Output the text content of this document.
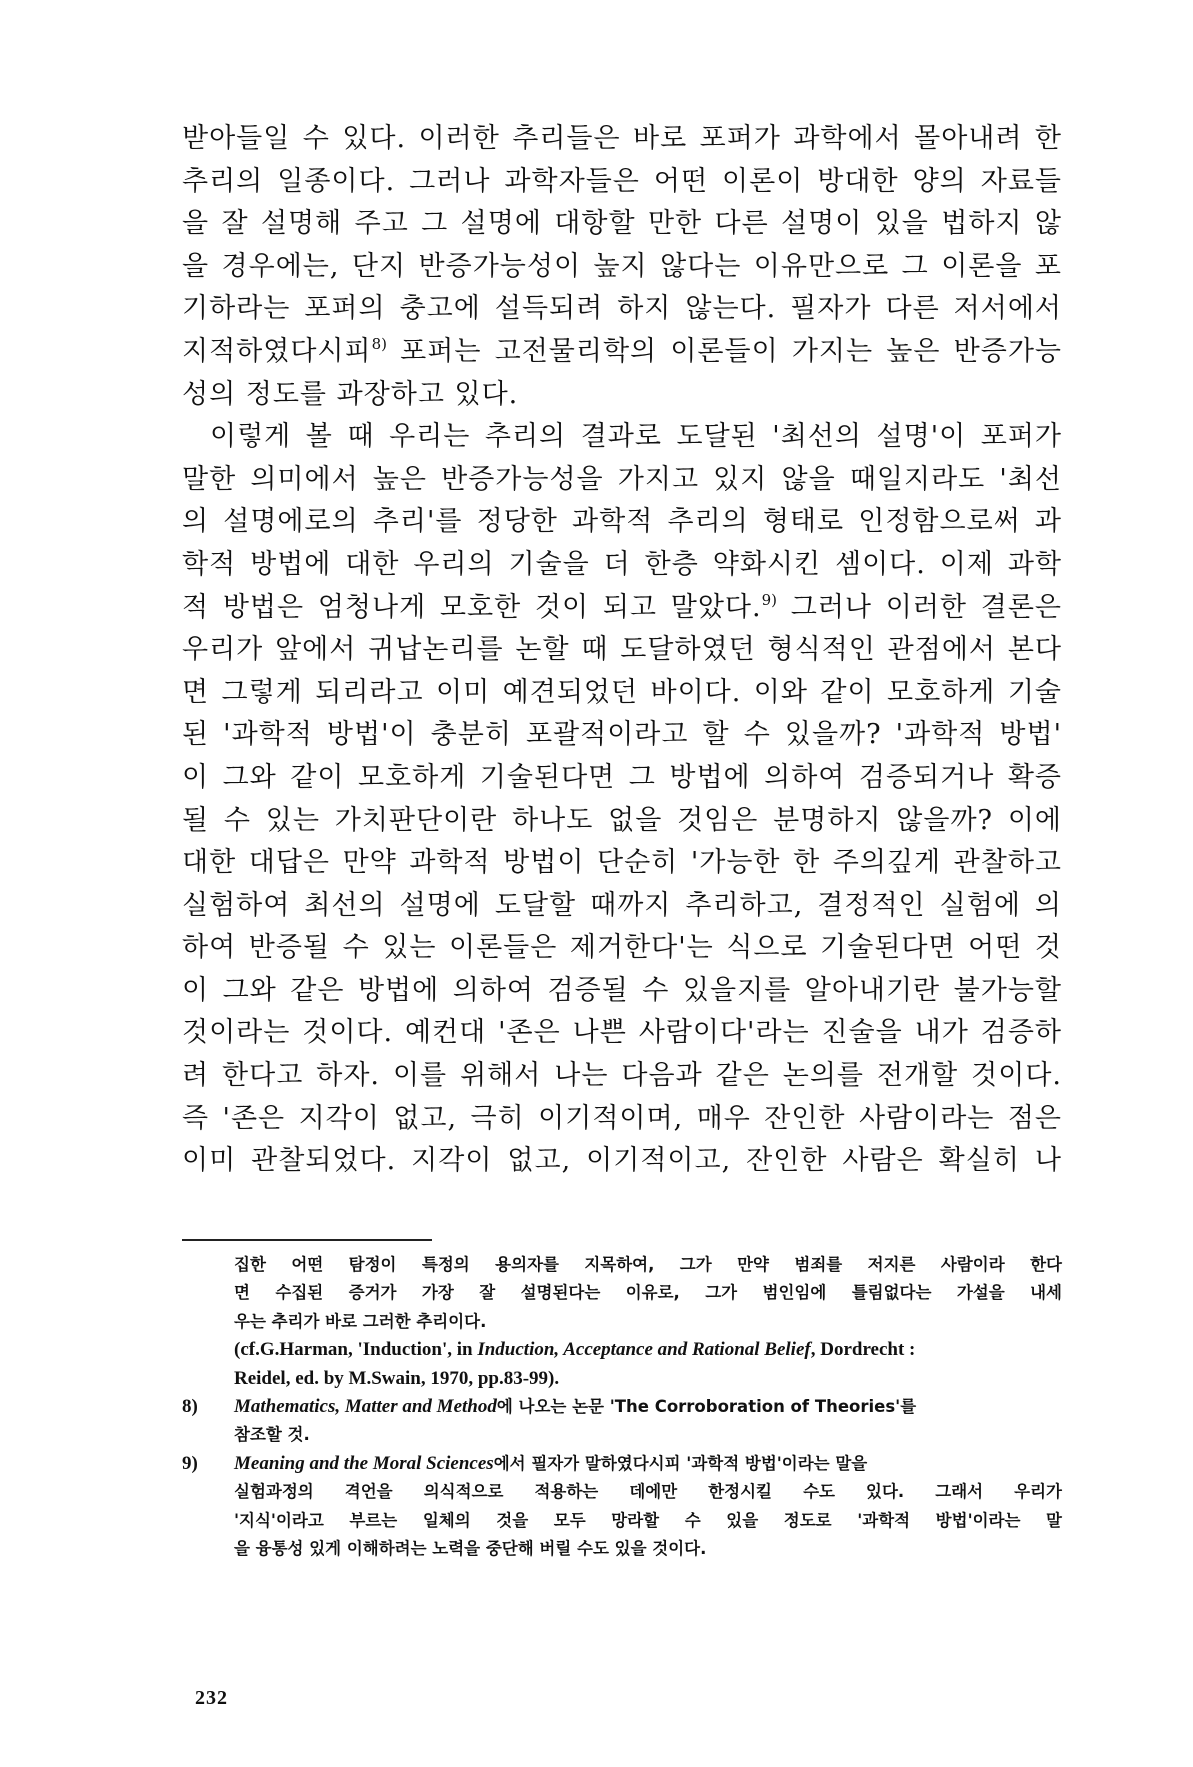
받아들일 수 있다. 이러한 추리들은 바로 포퍼가 과학에서 몰아내려 한

추리의 일종이다. 그러나 과학자들은 어떤 이론이 방대한 양의 자료들

을 잘 설명해 주고 그 설명에 대항할 만한 다른 설명이 있을 법하지 않

을 경우에는, 단지 반증가능성이 높지 않다는 이유만으로 그 이론을 포

기하라는 포퍼의 충고에 설득되려 하지 않는다. 필자가 다른 저서에서

지적하였다시피$^{8)}$ 포퍼는 고전물리학의 이론들이 가지는 높은 반증가능

성의 정도를 과장하고 있다.

이렇게 볼 때 우리는 추리의 결과로 도달된 '최선의 설명'이 포퍼가

말한 의미에서 높은 반증가능성을 가지고 있지 않을 때일지라도 '최선

의 설명에로의 추리'를 정당한 과학적 추리의 형태로 인정함으로써 과

학적 방법에 대한 우리의 기술을 더 한층 약화시킨 셈이다. 이제 과학

적 방법은 엄청나게 모호한 것이 되고 말았다.$^{9)}$ 그러나 이러한 결론은

우리가 앞에서 귀납논리를 논할 때 도달하였던 형식적인 관점에서 본다

면 그렇게 되리라고 이미 예견되었던 바이다. 이와 같이 모호하게 기술

된 '과학적 방법'이 충분히 포괄적이라고 할 수 있을까? '과학적 방법'

이 그와 같이 모호하게 기술된다면 그 방법에 의하여 검증되거나 확증

될 수 있는 가치판단이란 하나도 없을 것임은 분명하지 않을까? 이에

대한 대답은 만약 과학적 방법이 단순히 '가능한 한 주의깊게 관찰하고

실험하여 최선의 설명에 도달할 때까지 추리하고, 결정적인 실험에 의

하여 반증될 수 있는 이론들은 제거한다'는 식으로 기술된다면 어떤 것

이 그와 같은 방법에 의하여 검증될 수 있을지를 알아내기란 불가능할

것이라는 것이다. 예컨대 '존은 나쁜 사람이다'라는 진술을 내가 검증하

려 한다고 하자. 이를 위해서 나는 다음과 같은 논의를 전개할 것이다.

즉 '존은 지각이 없고, 극히 이기적이며, 매우 잔인한 사람이라는 점은

이미 관찰되었다. 지각이 없고, 이기적이고, 잔인한 사람은 확실히 나

집한 어떤 탐정이 특정의 용의자를 지목하여, 그가 만약 범죄를 저지른 사람이라 한다
면 수집된 증거가 가장 잘 설명된다는 이유로, 그가 범인임에 틀림없다는 가설을 내세
우는 추리가 바로 그러한 추리이다.
(cf.G.Harman, 'Induction', in Induction, Acceptance and Rational Belief, Dordrecht :
Reidel, ed. by M.Swain, 1970, pp.83-99).
8)	Mathematics, Matter and Method에 나오는 논문 'The Corroboration of Theories'를
참조할 것.
9)	Meaning and the Moral Sciences에서 필자가 말하였다시피 '과학적 방법'이라는 말을
실험과정의 격언을 의식적으로 적용하는 데에만 한정시킬 수도 있다. 그래서 우리가
'지식'이라고 부르는 일체의 것을 모두 망라할 수 있을 정도로 '과학적 방법'이라는 말
을 융통성 있게 이해하려는 노력을 중단해 버릴 수도 있을 것이다.
232
